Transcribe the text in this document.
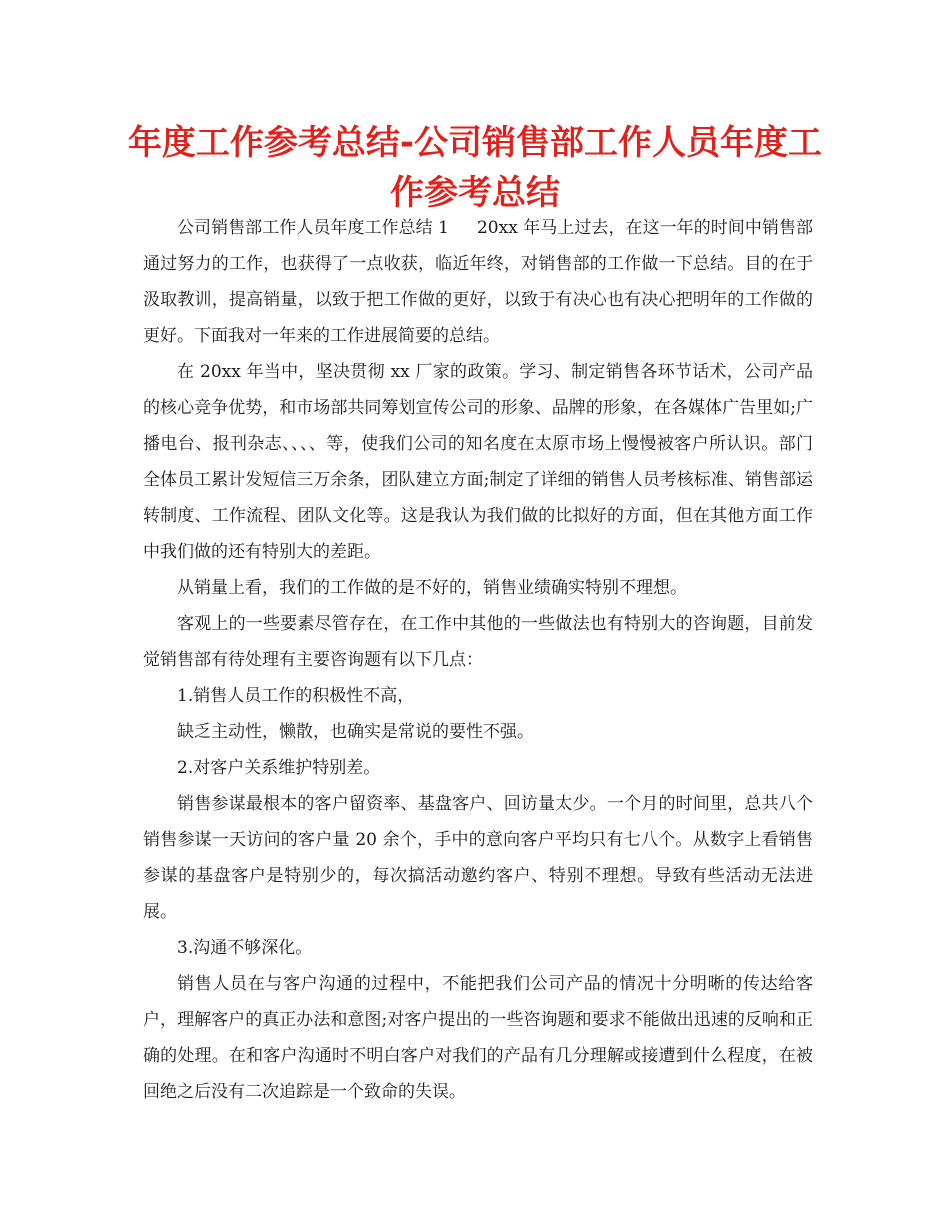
年度工作参考总结-公司销售部工作人员年度工作参考总结

公司销售部工作人员年度工作总结 1 20xx 年马上过去，在这一年的时间中销售部通过努力的工作，也获得了一点收获，临近年终，对销售部的工作做一下总结。目的在于汲取教训，提高销量，以致于把工作做的更好，以致于有决心也有决心把明年的工作做的更好。下面我对一年来的工作进展简要的总结。

在 20xx 年当中，坚决贯彻 xx 厂家的政策。学习、制定销售各环节话术，公司产品的核心竞争优势，和市场部共同筹划宣传公司的形象、品牌的形象，在各媒体广告里如;广播电台、报刊杂志、、、、等，使我们公司的知名度在太原市场上慢慢被客户所认识。部门全体员工累计发短信三万余条，团队建立方面;制定了详细的销售人员考核标准、销售部运转制度、工作流程、团队文化等。这是我认为我们做的比拟好的方面，但在其他方面工作中我们做的还有特别大的差距。

从销量上看，我们的工作做的是不好的，销售业绩确实特别不理想。

客观上的一些要素尽管存在，在工作中其他的一些做法也有特别大的咨询题，目前发觉销售部有待处理有主要咨询题有以下几点：

1.销售人员工作的积极性不高，

缺乏主动性，懒散，也确实是常说的要性不强。

2.对客户关系维护特别差。

销售参谋最根本的客户留资率、基盘客户、回访量太少。一个月的时间里，总共八个销售参谋一天访问的客户量 20 余个，手中的意向客户平均只有七八个。从数字上看销售参谋的基盘客户是特别少的，每次搞活动邀约客户、特别不理想。导致有些活动无法进展。

3.沟通不够深化。

销售人员在与客户沟通的过程中，不能把我们公司产品的情况十分明晰的传达给客户，理解客户的真正办法和意图;对客户提出的一些咨询题和要求不能做出迅速的反响和正确的处理。在和客户沟通时不明白客户对我们的产品有几分理解或接遭到什么程度，在被回绝之后没有二次追踪是一个致命的失误。
